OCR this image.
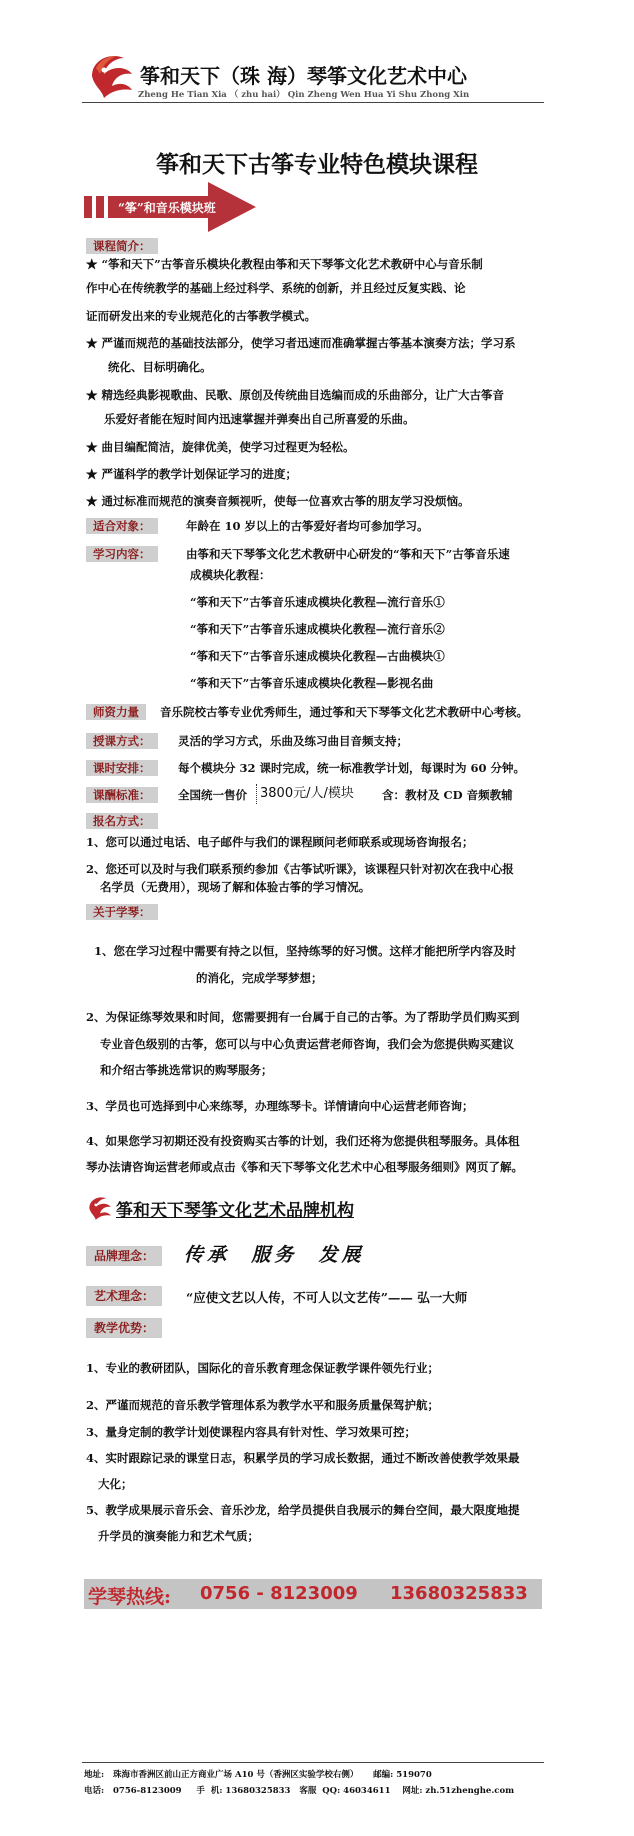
筝和天下（珠 海）琴筝文化艺术中心
Zheng He Tian Xia （ zhu hai） Qin Zheng Wen Hua Yi Shu Zhong Xin
筝和天下古筝专业特色模块课程
“筝”和音乐模块班
课程简介：
★ “筝和天下”古筝音乐模块化教程由筝和天下琴筝文化艺术教研中心与音乐制
作中心在传统教学的基础上经过科学、系统的创新，并且经过反复实践、论
证而研发出来的专业规范化的古筝教学模式。
★ 严谨而规范的基础技法部分，使学习者迅速而准确掌握古筝基本演奏方法；学习系
统化、目标明确化。
★ 精选经典影视歌曲、民歌、原创及传统曲目选编而成的乐曲部分，让广大古筝音
乐爱好者能在短时间内迅速掌握并弹奏出自己所喜爱的乐曲。
★ 曲目编配简洁，旋律优美，使学习过程更为轻松。
★ 严谨科学的教学计划保证学习的进度；
★ 通过标准而规范的演奏音频视听，使每一位喜欢古筝的朋友学习没烦恼。
适合对象：	年龄在 10 岁以上的古筝爱好者均可参加学习。
学习内容：	由筝和天下琴筝文化艺术教研中心研发的“筝和天下”古筝音乐速
成模块化教程：
“筝和天下”古筝音乐速成模块化教程—流行音乐①
“筝和天下”古筝音乐速成模块化教程—流行音乐②
“筝和天下”古筝音乐速成模块化教程—古曲模块①
“筝和天下”古筝音乐速成模块化教程—影视名曲
师资力量	音乐院校古筝专业优秀师生，通过筝和天下琴筝文化艺术教研中心考核。
授课方式：	灵活的学习方式，乐曲及练习曲目音频支持；
课时安排：	每个模块分 32 课时完成，统一标准教学计划，每课时为 60 分钟。
课酬标准：	全国统一售价	3800元/人/模块 含：教材及 CD 音频教辅
报名方式：
1、您可以通过电话、电子邮件与我们的课程顾问老师联系或现场咨询报名；
2、您还可以及时与我们联系预约参加《古筝试听课》，该课程只针对初次在我中心报
名学员（无费用），现场了解和体验古筝的学习情况。
关于学琴：
1、您在学习过程中需要有持之以恒，坚持练琴的好习惯。这样才能把所学内容及时
的消化，完成学琴梦想；
2、为保证练琴效果和时间，您需要拥有一台属于自己的古筝。为了帮助学员们购买到
专业音色级别的古筝，您可以与中心负责运营老师咨询，我们会为您提供购买建议
和介绍古筝挑选常识的购琴服务；
3、学员也可选择到中心来练琴，办理练琴卡。详情请向中心运营老师咨询；
4、如果您学习初期还没有投资购买古筝的计划，我们还将为您提供租琴服务。具体租
琴办法请咨询运营老师或点击《筝和天下琴筝文化艺术中心租琴服务细则》网页了解。
筝和天下琴筝文化艺术品牌机构
品牌理念：	传承  服务  发展
艺术理念：	“应使文艺以人传，不可人以文艺传”—— 弘一大师
教学优势：
1、专业的教研团队，国际化的音乐教育理念保证教学课件领先行业；
2、严谨而规范的音乐教学管理体系为教学水平和服务质量保驾护航；
3、量身定制的教学计划使课程内容具有针对性、学习效果可控；
4、实时跟踪记录的课堂日志，积累学员的学习成长数据，通过不断改善使教学效果最
大化；
5、教学成果展示音乐会、音乐沙龙，给学员提供自我展示的舞台空间，最大限度地提
升学员的演奏能力和艺术气质；
学琴热线: 0756 - 8123009 13680325833
地址:   珠海市香洲区前山正方商业广场 A10 号（香洲区实验学校右侧）     邮编: 519070
电话:   0756-8123009     手  机: 13680325833   客服  QQ: 46034611    网址: zh.51zhenghe.com
